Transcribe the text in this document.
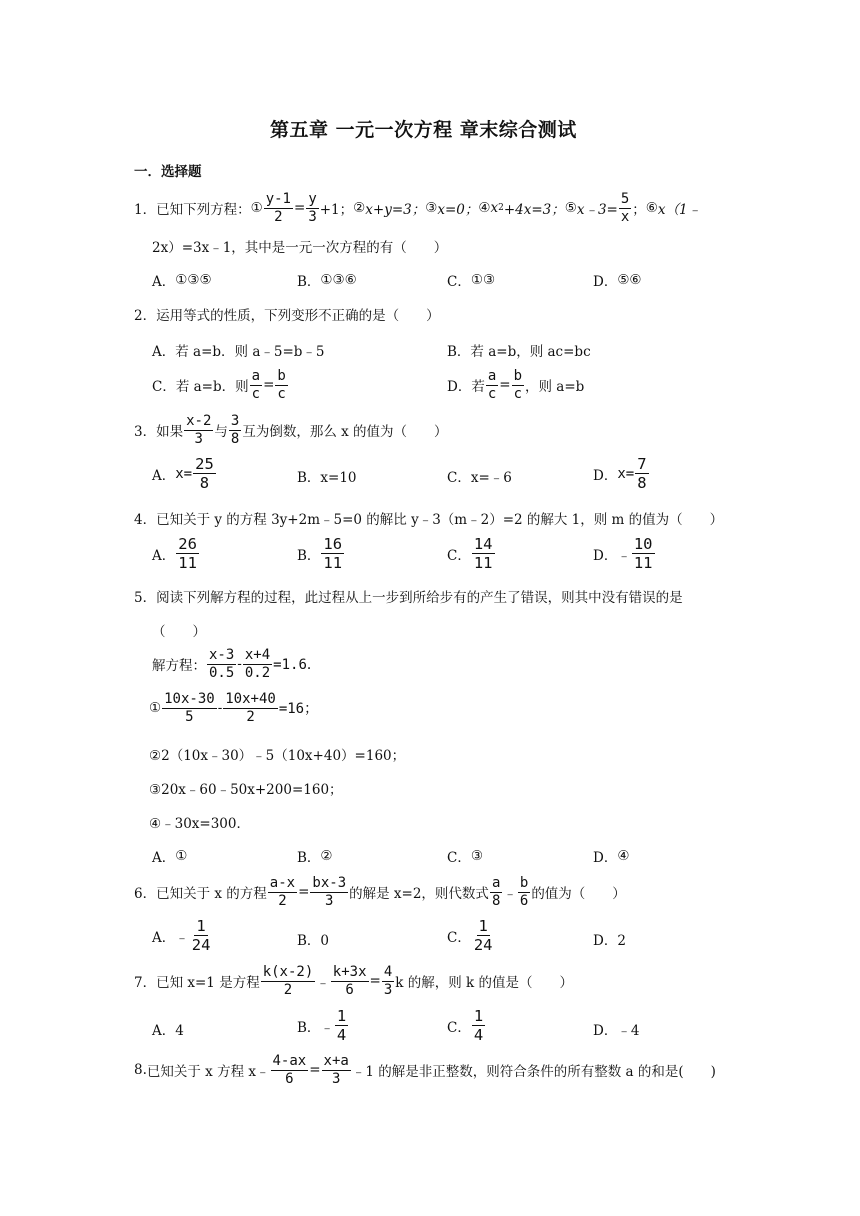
第五章 一元一次方程 章末综合测试
一．选择题
1． 已知下列方程： ① $\frac{y-1}{2} = \frac{y}{3} +1$； ② x+y=3； ③ x=0； ④ x 2 +4x=3； ⑤ x﹣3= $\frac{5}{x}$ ； ⑥ x（1﹣
2x）=3x﹣1，其中是一元一次方程的有（　　）
A． ①③⑤	B． ①③⑥	C． ①③	D． ⑤⑥
2．运用等式的性质，下列变形不正确的是（　　）
A．若 a=b．则 a﹣5=b﹣5	B．若 a=b，则 ac=bc
C．若 a=b．则 $\frac{a}{c} = \frac{b}{c}$	D．若 $\frac{a}{c} = \frac{b}{c}$ ，则 a=b
3． 如果 $\frac{x-2}{3}$ 与 $\frac{3}{8}$ 互为倒数，那么 x 的值为（　　）
A． $x= \frac{25}{8}$	B．x=10	C．x=﹣6	D． $x= \frac{7}{8}$
4．已知关于 y 的方程 3y+2m﹣5=0 的解比 y﹣3（m﹣2）=2 的解大 1，则 m 的值为（　　）
A． $\frac{26}{11}$	B． $\frac{16}{11}$	C． $\frac{14}{11}$	D． ﹣ $\frac{10}{11}$
5．阅读下列解方程的过程，此过程从上一步到所给步有的产生了错误，则其中没有错误的是
（　　）
解方程： $\frac{x-3}{0.5} - \frac{x+4}{0.2} =1.6$．
① $\frac{10x-30}{5} - \frac{10x+40}{2} =16$；
②2（10x﹣30）﹣5（10x+40）=160；
③20x﹣60﹣50x+200=160；
④﹣30x=300．
A． ①	B． ②	C． ③	D． ④
6． 已知关于 x 的方程 $\frac{a-x}{2} = \frac{bx-3}{3}$ 的解是 x=2，则代数式 $\frac{a}{8}$ ﹣ $\frac{b}{6}$ 的值为（　　）
A． ﹣ $\frac{1}{24}$	B．0	C． $\frac{1}{24}$	D．2
7． 已知 x=1 是方程 $\frac{k(x-2)}{2}$ ﹣ $\frac{k+3x}{6} = \frac{4}{3}$ k 的解，则 k 的值是（　　）
A．4	B． ﹣ $\frac{1}{4}$	C． $\frac{1}{4}$	D．﹣4
8. 已知关于 x 方程 x﹣ $\frac{4-ax}{6} = \frac{x+a}{3}$ ﹣1 的解是非正整数，则符合条件的所有整数 a 的和是(　　)
